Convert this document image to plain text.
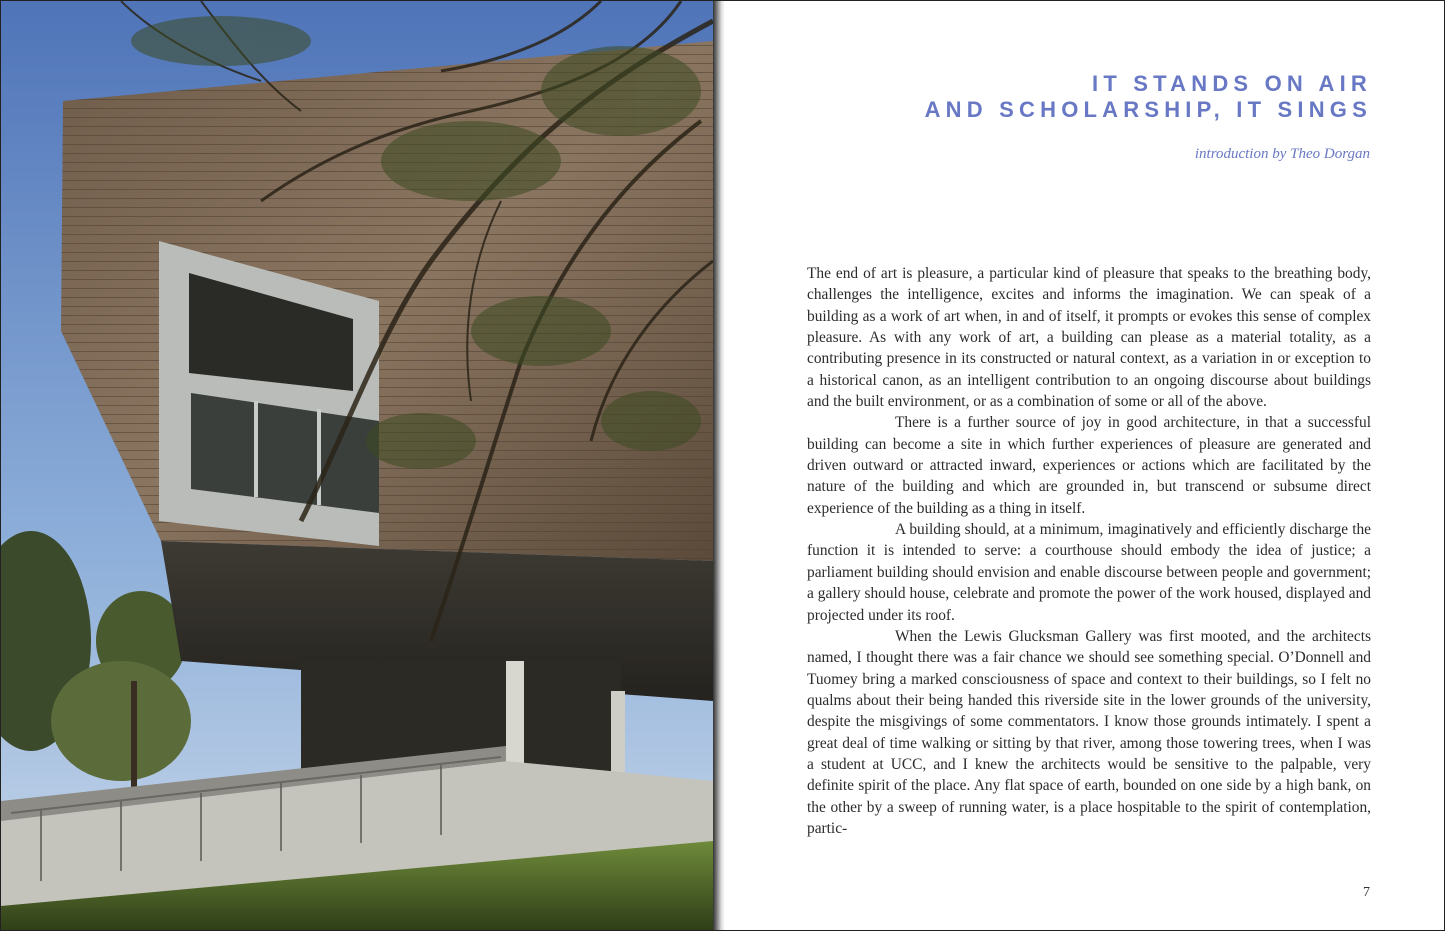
IT STANDS ON AIR
AND SCHOLARSHIP, IT SINGS

introduction by Theo Dorgan

The end of art is pleasure, a particular kind of pleasure that speaks to the breathing body, challenges the intelligence, excites and informs the imagination. We can speak of a building as a work of art when, in and of itself, it prompts or evokes this sense of complex pleasure. As with any work of art, a building can please as a material totality, as a contributing presence in its constructed or natural context, as a variation in or exception to a historical canon, as an intelligent contribution to an ongoing discourse about buildings and the built environment, or as a combination of some or all of the above.

There is a further source of joy in good architecture, in that a successful building can become a site in which further experiences of pleasure are generated and driven outward or attracted inward, experiences or actions which are facilitated by the nature of the building and which are grounded in, but transcend or subsume direct experience of the building as a thing in itself.

A building should, at a minimum, imaginatively and efficiently discharge the function it is intended to serve: a courthouse should embody the idea of justice; a parliament building should envision and enable discourse between people and government; a gallery should house, celebrate and promote the power of the work housed, displayed and projected under its roof.

When the Lewis Glucksman Gallery was first mooted, and the architects named, I thought there was a fair chance we should see something special. O’Donnell and Tuomey bring a marked consciousness of space and context to their buildings, so I felt no qualms about their being handed this riverside site in the lower grounds of the university, despite the misgivings of some commentators. I know those grounds intimately. I spent a great deal of time walking or sitting by that river, among those towering trees, when I was a student at UCC, and I knew the architects would be sensitive to the palpable, very definite spirit of the place. Any flat space of earth, bounded on one side by a high bank, on the other by a sweep of running water, is a place hospitable to the spirit of contemplation, partic-

7
